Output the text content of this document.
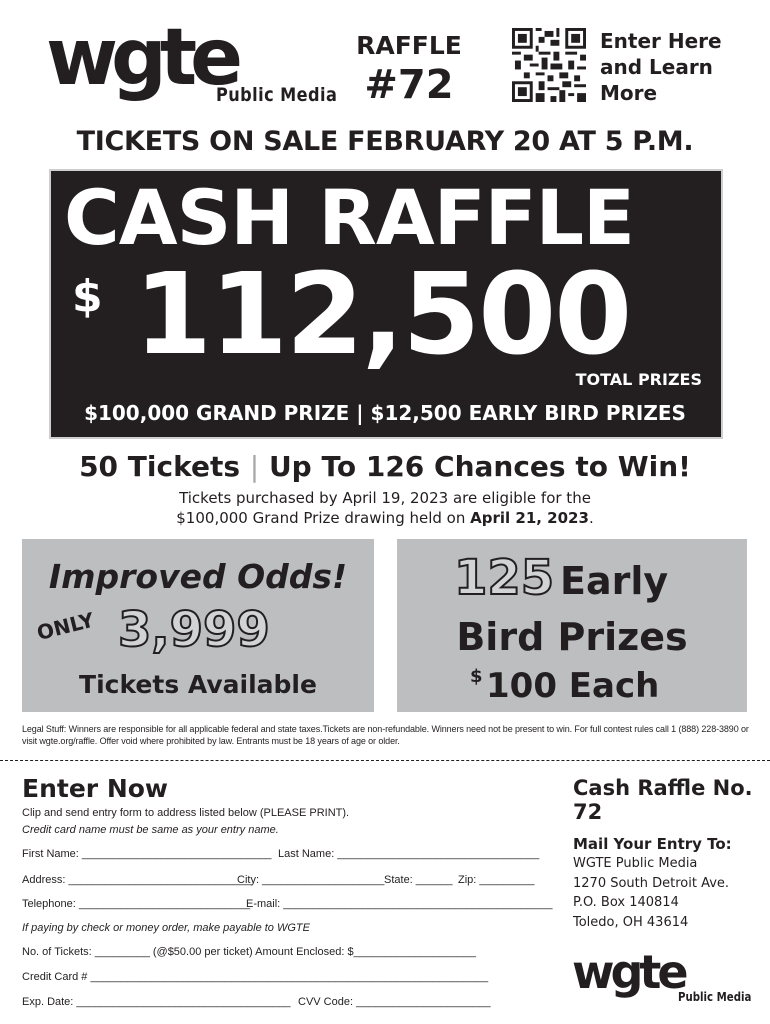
wgte
Public Media
RAFFLE
#72
Enter Here and Learn More
TICKETS ON SALE FEBRUARY 20 AT 5 P.M.
CASH RAFFLE
$ 112,500
TOTAL PRIZES
$100,000 GRAND PRIZE | $12,500 EARLY BIRD PRIZES
50 Tickets | Up To 126 Chances to Win!
Tickets purchased by April 19, 2023 are eligible for the
$100,000 Grand Prize drawing held on April 21, 2023.
Improved Odds!
ONLY 3,999
Tickets Available
125 Early
Bird Prizes
$ 100 Each
Legal Stuff: Winners are responsible for all applicable federal and state taxes.Tickets are non-refundable. Winners need not be present to win. For full contest rules call 1 (888) 228-3890 or visit wgte.org/raffle. Offer void where prohibited by law. Entrants must be 18 years of age or older.
Enter Now
Clip and send entry form to address listed below (PLEASE PRINT).
Credit card name must be same as your entry name.
First Name: _______________________________ Last Name: _________________________________
Address: ______________________________
City: ____________________ State: ______ Zip: _________
Telephone: ____________________________
E-mail: ____________________________________________
If paying by check or money order, make payable to WGTE
No. of Tickets: _________ (@$50.00 per ticket) Amount Enclosed: $____________________
Credit Card # _________________________________________________________________
Exp. Date: ___________________________________ CVV Code: ______________________
Cash Raffle No. 72
Mail Your Entry To:
WGTE Public Media
1270 South Detroit Ave.
P.O. Box 140814
Toledo, OH 43614
wgte
Public Media
